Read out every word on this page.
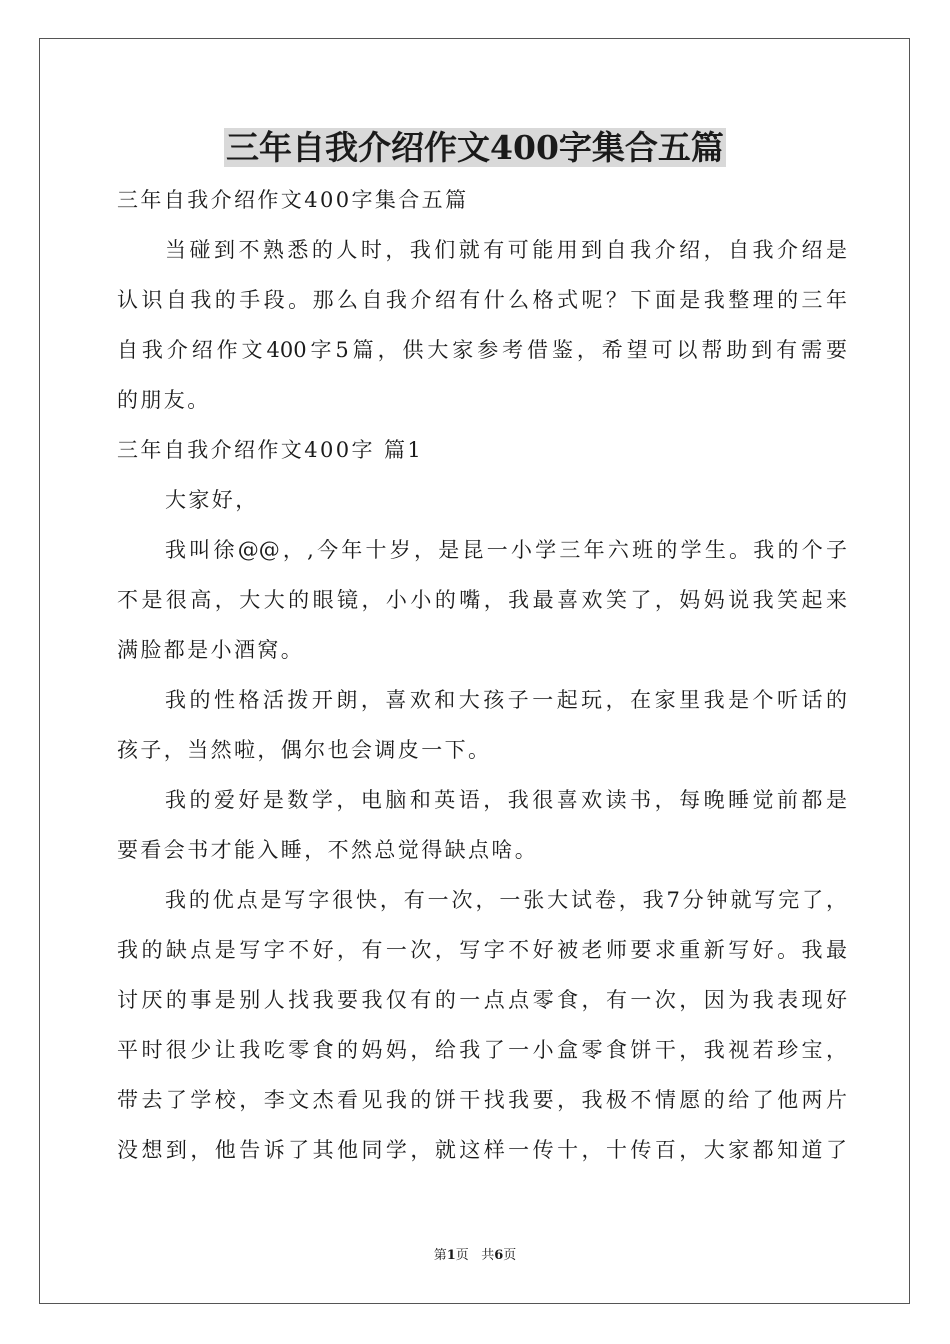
三年自我介绍作文400字集合五篇
三年自我介绍作文400字集合五篇
当碰到不熟悉的人时，我们就有可能用到自我介绍，自我介绍是
认识自我的手段。那么自我介绍有什么格式呢？下面是我整理的三年
自我介绍作文400字5篇，供大家参考借鉴，希望可以帮助到有需要
的朋友。
三年自我介绍作文400字 篇1
大家好，
我叫徐@@，,今年十岁，是昆一小学三年六班的学生。我的个子
不是很高，大大的眼镜，小小的嘴，我最喜欢笑了，妈妈说我笑起来
满脸都是小酒窝。
我的性格活拨开朗，喜欢和大孩子一起玩，在家里我是个听话的
孩子，当然啦，偶尔也会调皮一下。
我的爱好是数学，电脑和英语，我很喜欢读书，每晚睡觉前都是
要看会书才能入睡，不然总觉得缺点啥。
我的优点是写字很快，有一次，一张大试卷，我7分钟就写完了，
我的缺点是写字不好，有一次，写字不好被老师要求重新写好。我最
讨厌的事是别人找我要我仅有的一点点零食，有一次，因为我表现好
平时很少让我吃零食的妈妈，给我了一小盒零食饼干，我视若珍宝，
带去了学校，李文杰看见我的饼干找我要，我极不情愿的给了他两片
没想到，他告诉了其他同学，就这样一传十，十传百，大家都知道了
第1页 共6页
